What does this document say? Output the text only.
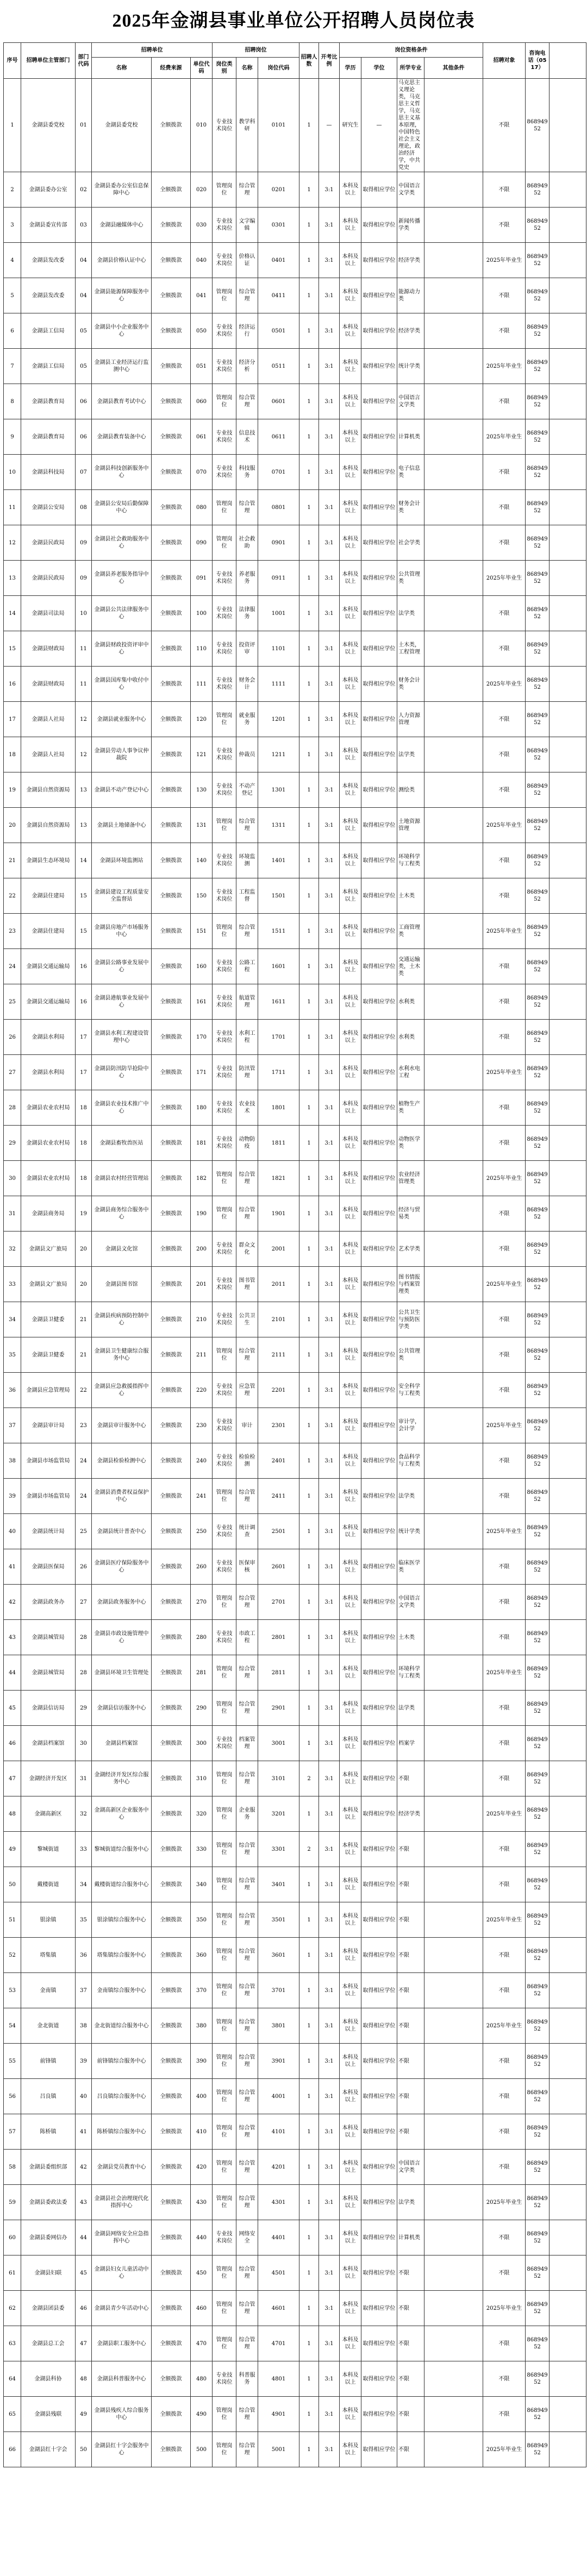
2025年金湖县事业单位公开招聘人员岗位表
序号	招聘单位主管部门	部门代码	招聘单位			招聘岗位			招聘人数	开考比例	岗位资格条件				招聘对象	咨询电话（0517）	
			名称	经费来源	单位代码	岗位类别	名称	岗位代码			学历	学位	所学专业	其他条件			
1	金湖县委党校	01	金湖县委党校	全额拨款	010	专业技术岗位	教学科研	0101	1	—	研究生	—	马克思主义理论类，马克思主义哲学，马克思主义基本原理，中国特色社会主义理论，政治经济学，中共党史		不限	86894952	
2	金湖县委办公室	02	金湖县委办公室信息保障中心	全额拨款	020	管理岗位	综合管理	0201	1	3:1	本科及以上	取得相应学位	中国语言文学类		不限	86894952	
3	金湖县委宣传部	03	金湖县融媒体中心	全额拨款	030	专业技术岗位	文字编辑	0301	1	3:1	本科及以上	取得相应学位	新闻传播学类		不限	86894952	
4	金湖县发改委	04	金湖县价格认证中心	全额拨款	040	专业技术岗位	价格认证	0401	1	3:1	本科及以上	取得相应学位	经济学类		2025年毕业生	86894952	
5	金湖县发改委	04	金湖县能源保障服务中心	全额拨款	041	管理岗位	综合管理	0411	1	3:1	本科及以上	取得相应学位	能源动力类		不限	86894952	
6	金湖县工信局	05	金湖县中小企业服务中心	全额拨款	050	专业技术岗位	经济运行	0501	1	3:1	本科及以上	取得相应学位	经济学类		不限	86894952	
7	金湖县工信局	05	金湖县工业经济运行监测中心	全额拨款	051	专业技术岗位	经济分析	0511	1	3:1	本科及以上	取得相应学位	统计学类		2025年毕业生	86894952	
8	金湖县教育局	06	金湖县教育考试中心	全额拨款	060	管理岗位	综合管理	0601	1	3:1	本科及以上	取得相应学位	中国语言文学类		不限	86894952	
9	金湖县教育局	06	金湖县教育装备中心	全额拨款	061	专业技术岗位	信息技术	0611	1	3:1	本科及以上	取得相应学位	计算机类		2025年毕业生	86894952	
10	金湖县科技局	07	金湖县科技创新服务中心	全额拨款	070	专业技术岗位	科技服务	0701	1	3:1	本科及以上	取得相应学位	电子信息类		不限	86894952	
11	金湖县公安局	08	金湖县公安局后勤保障中心	全额拨款	080	管理岗位	综合管理	0801	1	3:1	本科及以上	取得相应学位	财务会计类		不限	86894952	
12	金湖县民政局	09	金湖县社会救助服务中心	全额拨款	090	管理岗位	社会救助	0901	1	3:1	本科及以上	取得相应学位	社会学类		不限	86894952	
13	金湖县民政局	09	金湖县养老服务指导中心	全额拨款	091	专业技术岗位	养老服务	0911	1	3:1	本科及以上	取得相应学位	公共管理类		2025年毕业生	86894952	
14	金湖县司法局	10	金湖县公共法律服务中心	全额拨款	100	专业技术岗位	法律服务	1001	1	3:1	本科及以上	取得相应学位	法学类		不限	86894952	
15	金湖县财政局	11	金湖县财政投资评审中心	全额拨款	110	专业技术岗位	投资评审	1101	1	3:1	本科及以上	取得相应学位	土木类，工程管理		不限	86894952	
16	金湖县财政局	11	金湖县国库集中收付中心	全额拨款	111	专业技术岗位	财务会计	1111	1	3:1	本科及以上	取得相应学位	财务会计类		2025年毕业生	86894952	
17	金湖县人社局	12	金湖县就业服务中心	全额拨款	120	管理岗位	就业服务	1201	1	3:1	本科及以上	取得相应学位	人力资源管理		不限	86894952	
18	金湖县人社局	12	金湖县劳动人事争议仲裁院	全额拨款	121	专业技术岗位	仲裁员	1211	1	3:1	本科及以上	取得相应学位	法学类		不限	86894952	
19	金湖县自然资源局	13	金湖县不动产登记中心	全额拨款	130	专业技术岗位	不动产登记	1301	1	3:1	本科及以上	取得相应学位	测绘类		不限	86894952	
20	金湖县自然资源局	13	金湖县土地储备中心	全额拨款	131	管理岗位	综合管理	1311	1	3:1	本科及以上	取得相应学位	土地资源管理		2025年毕业生	86894952	
21	金湖县生态环境局	14	金湖县环境监测站	全额拨款	140	专业技术岗位	环境监测	1401	1	3:1	本科及以上	取得相应学位	环境科学与工程类		不限	86894952	
22	金湖县住建局	15	金湖县建设工程质量安全监督站	全额拨款	150	专业技术岗位	工程监督	1501	1	3:1	本科及以上	取得相应学位	土木类		不限	86894952	
23	金湖县住建局	15	金湖县房地产市场服务中心	全额拨款	151	管理岗位	综合管理	1511	1	3:1	本科及以上	取得相应学位	工商管理类		2025年毕业生	86894952	
24	金湖县交通运输局	16	金湖县公路事业发展中心	全额拨款	160	专业技术岗位	公路工程	1601	1	3:1	本科及以上	取得相应学位	交通运输类，土木类		不限	86894952	
25	金湖县交通运输局	16	金湖县港航事业发展中心	全额拨款	161	专业技术岗位	航道管理	1611	1	3:1	本科及以上	取得相应学位	水利类		不限	86894952	
26	金湖县水利局	17	金湖县水利工程建设管理中心	全额拨款	170	专业技术岗位	水利工程	1701	1	3:1	本科及以上	取得相应学位	水利类		不限	86894952	
27	金湖县水利局	17	金湖县防汛防旱抢险中心	全额拨款	171	专业技术岗位	防汛管理	1711	1	3:1	本科及以上	取得相应学位	水利水电工程		2025年毕业生	86894952	
28	金湖县农业农村局	18	金湖县农业技术推广中心	全额拨款	180	专业技术岗位	农业技术	1801	1	3:1	本科及以上	取得相应学位	植物生产类		不限	86894952	
29	金湖县农业农村局	18	金湖县畜牧兽医站	全额拨款	181	专业技术岗位	动物防疫	1811	1	3:1	本科及以上	取得相应学位	动物医学类		不限	86894952	
30	金湖县农业农村局	18	金湖县农村经营管理站	全额拨款	182	管理岗位	综合管理	1821	1	3:1	本科及以上	取得相应学位	农业经济管理类		2025年毕业生	86894952	
31	金湖县商务局	19	金湖县商务综合服务中心	全额拨款	190	管理岗位	综合管理	1901	1	3:1	本科及以上	取得相应学位	经济与贸易类		不限	86894952	
32	金湖县文广旅局	20	金湖县文化馆	全额拨款	200	专业技术岗位	群众文化	2001	1	3:1	本科及以上	取得相应学位	艺术学类		不限	86894952	
33	金湖县文广旅局	20	金湖县图书馆	全额拨款	201	专业技术岗位	图书管理	2011	1	3:1	本科及以上	取得相应学位	图书情报与档案管理类		2025年毕业生	86894952	
34	金湖县卫健委	21	金湖县疾病预防控制中心	全额拨款	210	专业技术岗位	公共卫生	2101	1	3:1	本科及以上	取得相应学位	公共卫生与预防医学类		不限	86894952	
35	金湖县卫健委	21	金湖县卫生健康综合服务中心	全额拨款	211	管理岗位	综合管理	2111	1	3:1	本科及以上	取得相应学位	公共管理类		不限	86894952	
36	金湖县应急管理局	22	金湖县应急救援指挥中心	全额拨款	220	专业技术岗位	应急管理	2201	1	3:1	本科及以上	取得相应学位	安全科学与工程类		不限	86894952	
37	金湖县审计局	23	金湖县审计服务中心	全额拨款	230	专业技术岗位	审计	2301	1	3:1	本科及以上	取得相应学位	审计学，会计学		2025年毕业生	86894952	
38	金湖县市场监管局	24	金湖县检验检测中心	全额拨款	240	专业技术岗位	检验检测	2401	1	3:1	本科及以上	取得相应学位	食品科学与工程类		不限	86894952	
39	金湖县市场监管局	24	金湖县消费者权益保护中心	全额拨款	241	管理岗位	综合管理	2411	1	3:1	本科及以上	取得相应学位	法学类		不限	86894952	
40	金湖县统计局	25	金湖县统计普查中心	全额拨款	250	专业技术岗位	统计调查	2501	1	3:1	本科及以上	取得相应学位	统计学类		2025年毕业生	86894952	
41	金湖县医保局	26	金湖县医疗保险服务中心	全额拨款	260	专业技术岗位	医保审核	2601	1	3:1	本科及以上	取得相应学位	临床医学类		不限	86894952	
42	金湖县政务办	27	金湖县政务服务中心	全额拨款	270	管理岗位	综合管理	2701	1	3:1	本科及以上	取得相应学位	中国语言文学类		不限	86894952	
43	金湖县城管局	28	金湖县市政设施管理中心	全额拨款	280	专业技术岗位	市政工程	2801	1	3:1	本科及以上	取得相应学位	土木类		不限	86894952	
44	金湖县城管局	28	金湖县环境卫生管理处	全额拨款	281	管理岗位	综合管理	2811	1	3:1	本科及以上	取得相应学位	环境科学与工程类		2025年毕业生	86894952	
45	金湖县信访局	29	金湖县信访服务中心	全额拨款	290	管理岗位	综合管理	2901	1	3:1	本科及以上	取得相应学位	法学类		不限	86894952	
46	金湖县档案馆	30	金湖县档案馆	全额拨款	300	专业技术岗位	档案管理	3001	1	3:1	本科及以上	取得相应学位	档案学		不限	86894952	
47	金湖经济开发区	31	金湖经济开发区综合服务中心	全额拨款	310	管理岗位	综合管理	3101	2	3:1	本科及以上	取得相应学位	不限		不限	86894952	
48	金湖高新区	32	金湖高新区企业服务中心	全额拨款	320	管理岗位	企业服务	3201	1	3:1	本科及以上	取得相应学位	经济学类		2025年毕业生	86894952	
49	黎城街道	33	黎城街道综合服务中心	全额拨款	330	管理岗位	综合管理	3301	2	3:1	本科及以上	取得相应学位	不限		不限	86894952	
50	戴楼街道	34	戴楼街道综合服务中心	全额拨款	340	管理岗位	综合管理	3401	1	3:1	本科及以上	取得相应学位	不限		不限	86894952	
51	银涂镇	35	银涂镇综合服务中心	全额拨款	350	管理岗位	综合管理	3501	1	3:1	本科及以上	取得相应学位	不限		2025年毕业生	86894952	
52	塔集镇	36	塔集镇综合服务中心	全额拨款	360	管理岗位	综合管理	3601	1	3:1	本科及以上	取得相应学位	不限		不限	86894952	
53	金南镇	37	金南镇综合服务中心	全额拨款	370	管理岗位	综合管理	3701	1	3:1	本科及以上	取得相应学位	不限		不限	86894952	
54	金北街道	38	金北街道综合服务中心	全额拨款	380	管理岗位	综合管理	3801	1	3:1	本科及以上	取得相应学位	不限		2025年毕业生	86894952	
55	前锋镇	39	前锋镇综合服务中心	全额拨款	390	管理岗位	综合管理	3901	1	3:1	本科及以上	取得相应学位	不限		不限	86894952	
56	吕良镇	40	吕良镇综合服务中心	全额拨款	400	管理岗位	综合管理	4001	1	3:1	本科及以上	取得相应学位	不限		不限	86894952	
57	陈桥镇	41	陈桥镇综合服务中心	全额拨款	410	管理岗位	综合管理	4101	1	3:1	本科及以上	取得相应学位	不限		不限	86894952	
58	金湖县委组织部	42	金湖县党员教育中心	全额拨款	420	管理岗位	综合管理	4201	1	3:1	本科及以上	取得相应学位	中国语言文学类		不限	86894952	
59	金湖县委政法委	43	金湖县社会治理现代化指挥中心	全额拨款	430	管理岗位	综合管理	4301	1	3:1	本科及以上	取得相应学位	法学类		2025年毕业生	86894952	
60	金湖县委网信办	44	金湖县网络安全应急指挥中心	全额拨款	440	专业技术岗位	网络安全	4401	1	3:1	本科及以上	取得相应学位	计算机类		不限	86894952	
61	金湖县妇联	45	金湖县妇女儿童活动中心	全额拨款	450	管理岗位	综合管理	4501	1	3:1	本科及以上	取得相应学位	不限		不限	86894952	
62	金湖县团县委	46	金湖县青少年活动中心	全额拨款	460	管理岗位	综合管理	4601	1	3:1	本科及以上	取得相应学位	不限		2025年毕业生	86894952	
63	金湖县总工会	47	金湖县职工服务中心	全额拨款	470	管理岗位	综合管理	4701	1	3:1	本科及以上	取得相应学位	不限		不限	86894952	
64	金湖县科协	48	金湖县科普服务中心	全额拨款	480	专业技术岗位	科普服务	4801	1	3:1	本科及以上	取得相应学位	不限		不限	86894952	
65	金湖县残联	49	金湖县残疾人综合服务中心	全额拨款	490	管理岗位	综合管理	4901	1	3:1	本科及以上	取得相应学位	不限		不限	86894952	
66	金湖县红十字会	50	金湖县红十字会服务中心	全额拨款	500	管理岗位	综合管理	5001	1	3:1	本科及以上	取得相应学位	不限		2025年毕业生	86894952	
